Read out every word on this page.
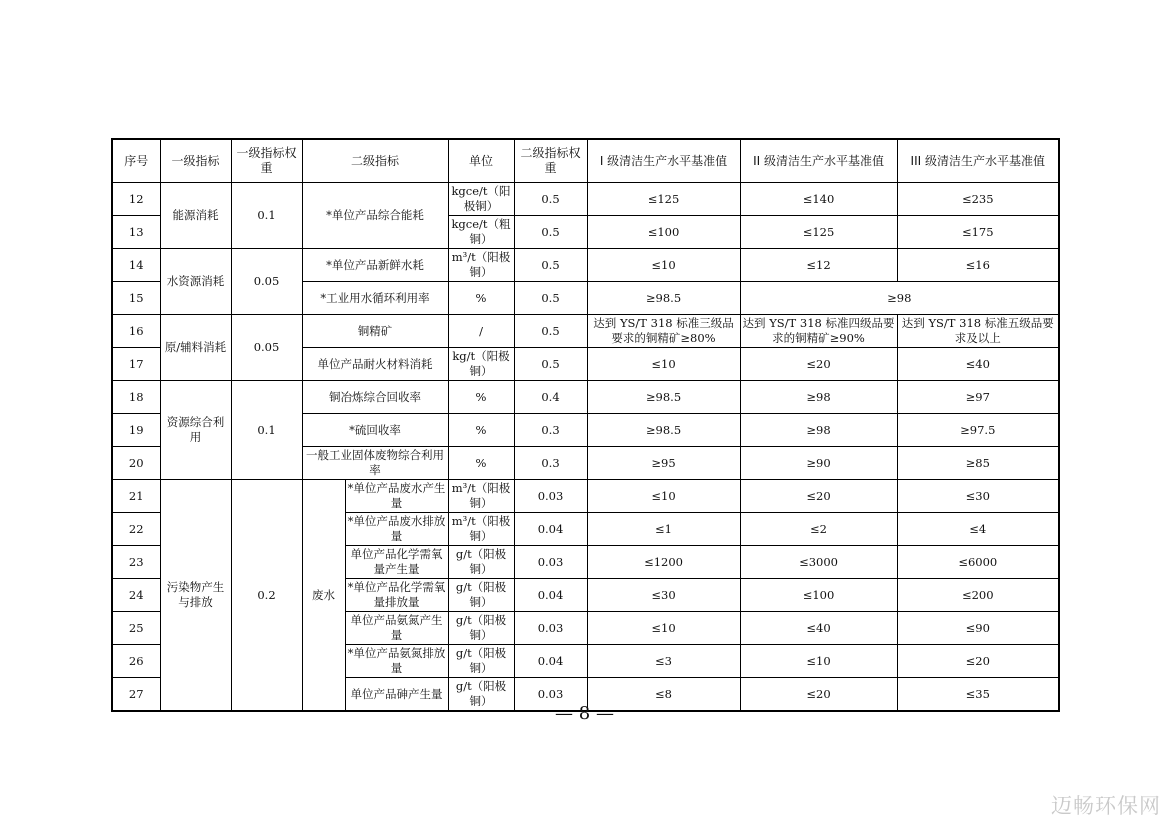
序号	一级指标	一级指标权重	二级指标		单位	二级指标权重	I 级清洁生产水平基准值	II 级清洁生产水平基准值	III 级清洁生产水平基准值
12	能源消耗	0.1	*单位产品综合能耗		kgce/t（阳极铜）	0.5	≤125	≤140	≤235
13					kgce/t（粗铜）	0.5	≤100	≤125	≤175
14	水资源消耗	0.05	*单位产品新鲜水耗		m³/t（阳极铜）	0.5	≤10	≤12	≤16
15			*工业用水循环利用率		%	0.5	≥98.5	≥98	
16	原/辅料消耗	0.05	铜精矿		/	0.5	达到 YS/T 318 标准三级品要求的铜精矿≥80%	达到 YS/T 318 标准四级品要求的铜精矿≥90%	达到 YS/T 318 标准五级品要求及以上
17			单位产品耐火材料消耗		kg/t（阳极铜）	0.5	≤10	≤20	≤40
18	资源综合利用	0.1	铜冶炼综合回收率		%	0.4	≥98.5	≥98	≥97
19			*硫回收率		%	0.3	≥98.5	≥98	≥97.5
20			一般工业固体废物综合利用率		%	0.3	≥95	≥90	≥85
21	污染物产生与排放	0.2	废水	*单位产品废水产生量	m³/t（阳极铜）	0.03	≤10	≤20	≤30
22				*单位产品废水排放量	m³/t（阳极铜）	0.04	≤1	≤2	≤4
23				单位产品化学需氧量产生量	g/t（阳极铜）	0.03	≤1200	≤3000	≤6000
24				*单位产品化学需氧量排放量	g/t（阳极铜）	0.04	≤30	≤100	≤200
25				单位产品氨氮产生量	g/t（阳极铜）	0.03	≤10	≤40	≤90
26				*单位产品氨氮排放量	g/t（阳极铜）	0.04	≤3	≤10	≤20
27				单位产品砷产生量	g/t（阳极铜）	0.03	≤8	≤20	≤35
— 8 —
迈畅环保网
